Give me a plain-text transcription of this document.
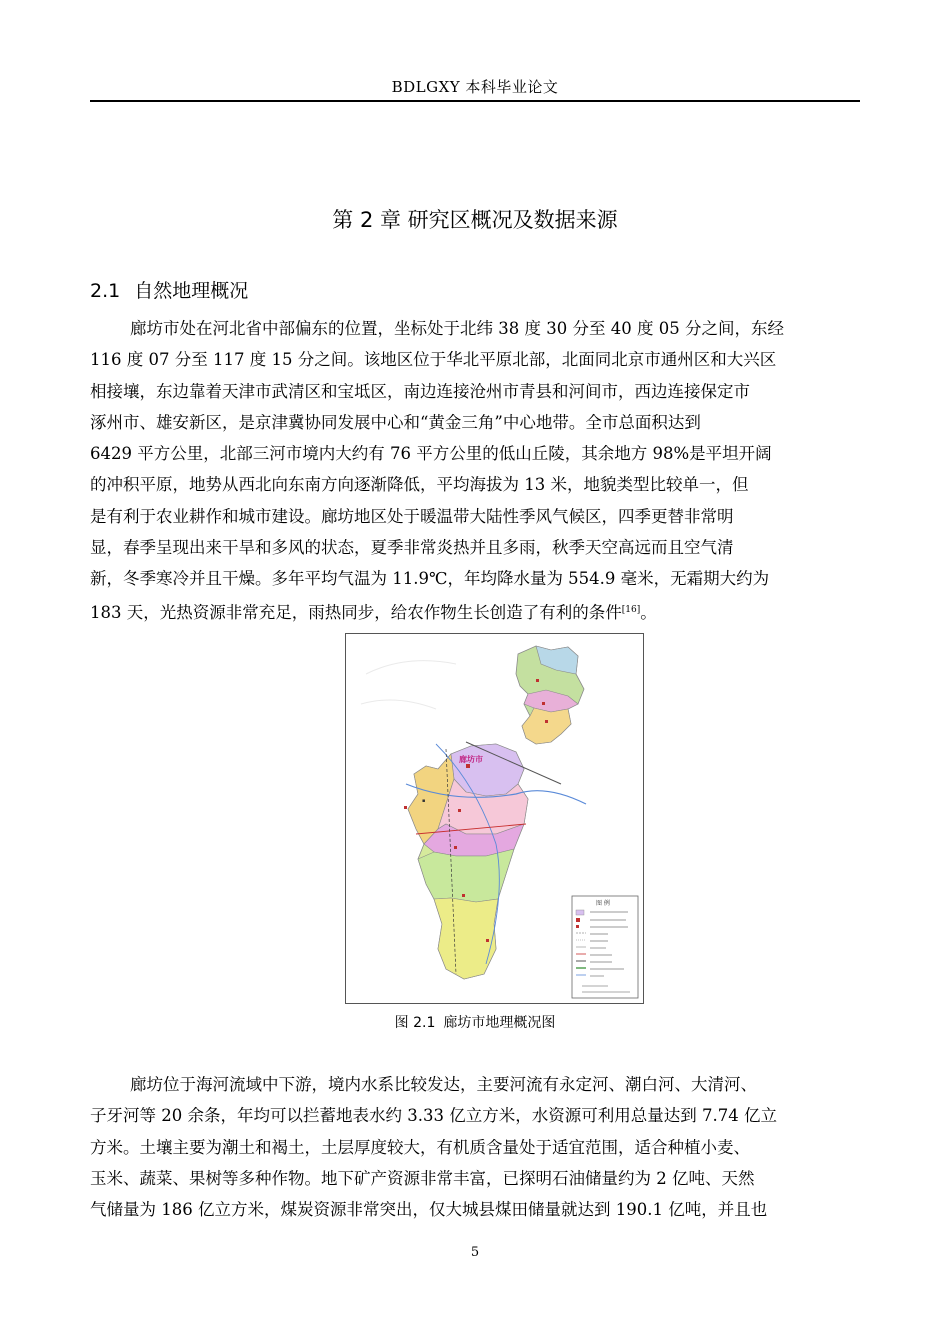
BDLGXY 本科毕业论文
第 2 章 研究区概况及数据来源
2.1 自然地理概况
廊坊市处在河北省中部偏东的位置，坐标处于北纬 38 度 30 分至 40 度 05 分之间，东经
116 度 07 分至 117 度 15 分之间。该地区位于华北平原北部，北面同北京市通州区和大兴区
相接壤，东边靠着天津市武清区和宝坻区，南边连接沧州市青县和河间市，西边连接保定市
涿州市、雄安新区，是京津冀协同发展中心和“黄金三角”中心地带。全市总面积达到
6429 平方公里，北部三河市境内大约有 76 平方公里的低山丘陵，其余地方 98%是平坦开阔
的冲积平原，地势从西北向东南方向逐渐降低，平均海拔为 13 米，地貌类型比较单一，但
是有利于农业耕作和城市建设。廊坊地区处于暖温带大陆性季风气候区，四季更替非常明
显，春季呈现出来干旱和多风的状态，夏季非常炎热并且多雨，秋季天空高远而且空气清
新，冬季寒冷并且干燥。多年平均气温为 11.9℃，年均降水量为 554.9 毫米，无霜期大约为
183 天，光热资源非常充足，雨热同步，给农作物生长创造了有利的条件[16]。
▪
廊坊市
图 例
图 2.1 廊坊市地理概况图
廊坊位于海河流域中下游，境内水系比较发达，主要河流有永定河、潮白河、大清河、
子牙河等 20 余条，年均可以拦蓄地表水约 3.33 亿立方米，水资源可利用总量达到 7.74 亿立
方米。土壤主要为潮土和褐土，土层厚度较大，有机质含量处于适宜范围，适合种植小麦、
玉米、蔬菜、果树等多种作物。地下矿产资源非常丰富，已探明石油储量约为 2 亿吨、天然
气储量为 186 亿立方米，煤炭资源非常突出，仅大城县煤田储量就达到 190.1 亿吨，并且也
5
